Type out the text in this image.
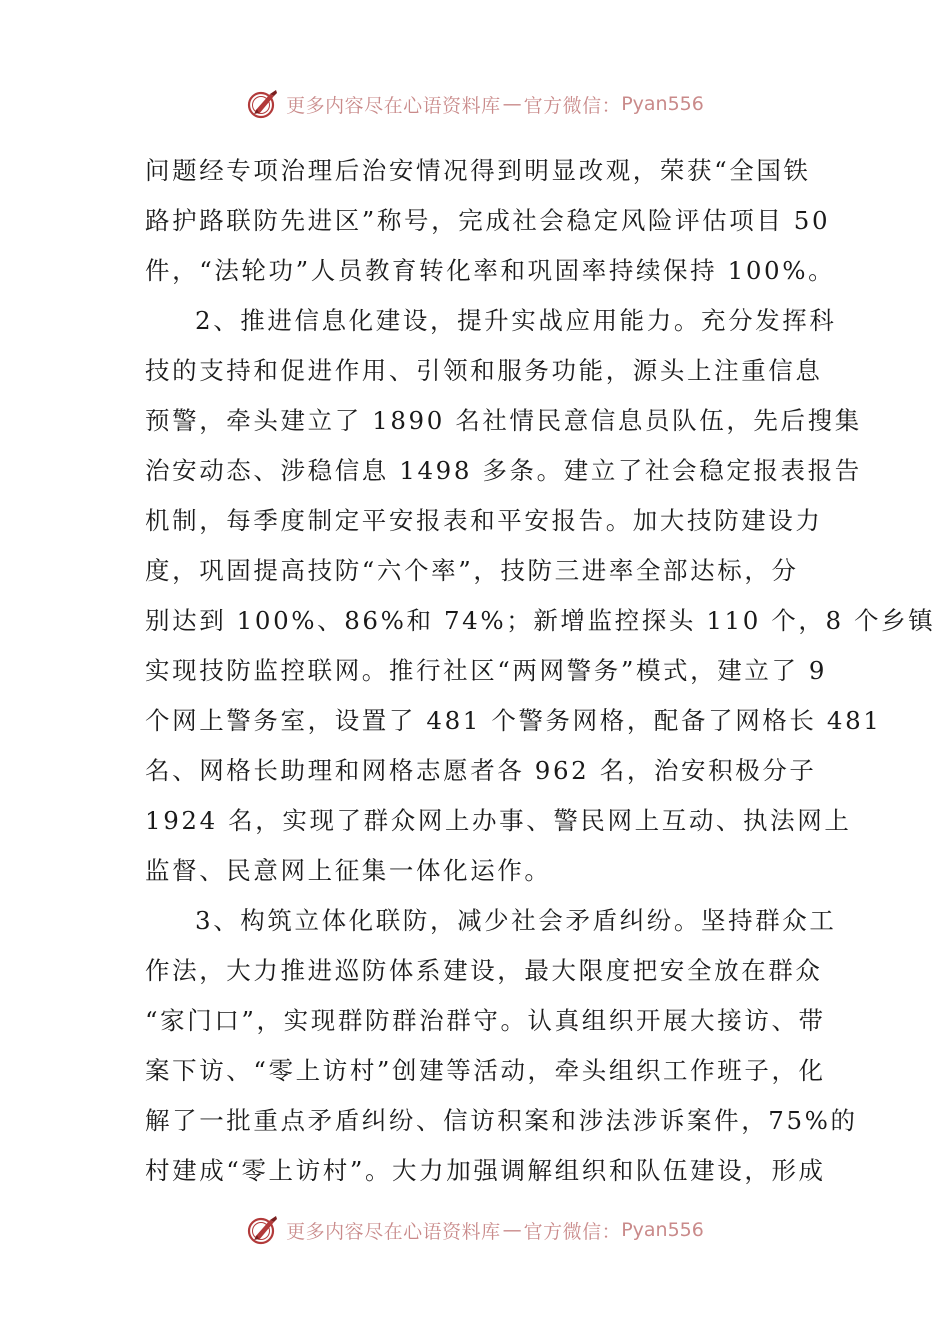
更多内容尽在心语资料库 — 官方微信： Pyan556
问题经专项治理后治安情况得到明显改观，荣获“全国铁
路护路联防先进区”称号，完成社会稳定风险评估项目 50
件，“法轮功”人员教育转化率和巩固率持续保持 100%。
2、推进信息化建设，提升实战应用能力。充分发挥科
技的支持和促进作用、引领和服务功能，源头上注重信息
预警，牵头建立了 1890 名社情民意信息员队伍，先后搜集
治安动态、涉稳信息 1498 多条。建立了社会稳定报表报告
机制，每季度制定平安报表和平安报告。加大技防建设力
度，巩固提高技防“六个率”，技防三进率全部达标，分
别达到 100%、86%和 74%；新增监控探头 110 个，8 个乡镇
实现技防监控联网。推行社区“两网警务”模式，建立了 9
个网上警务室，设置了 481 个警务网格，配备了网格长 481
名、网格长助理和网格志愿者各 962 名，治安积极分子
1924 名，实现了群众网上办事、警民网上互动、执法网上
监督、民意网上征集一体化运作。
3、构筑立体化联防，减少社会矛盾纠纷。坚持群众工
作法，大力推进巡防体系建设，最大限度把安全放在群众
“家门口”，实现群防群治群守。认真组织开展大接访、带
案下访、“零上访村”创建等活动，牵头组织工作班子，化
解了一批重点矛盾纠纷、信访积案和涉法涉诉案件，75%的
村建成“零上访村”。大力加强调解组织和队伍建设，形成
更多内容尽在心语资料库 — 官方微信： Pyan556
